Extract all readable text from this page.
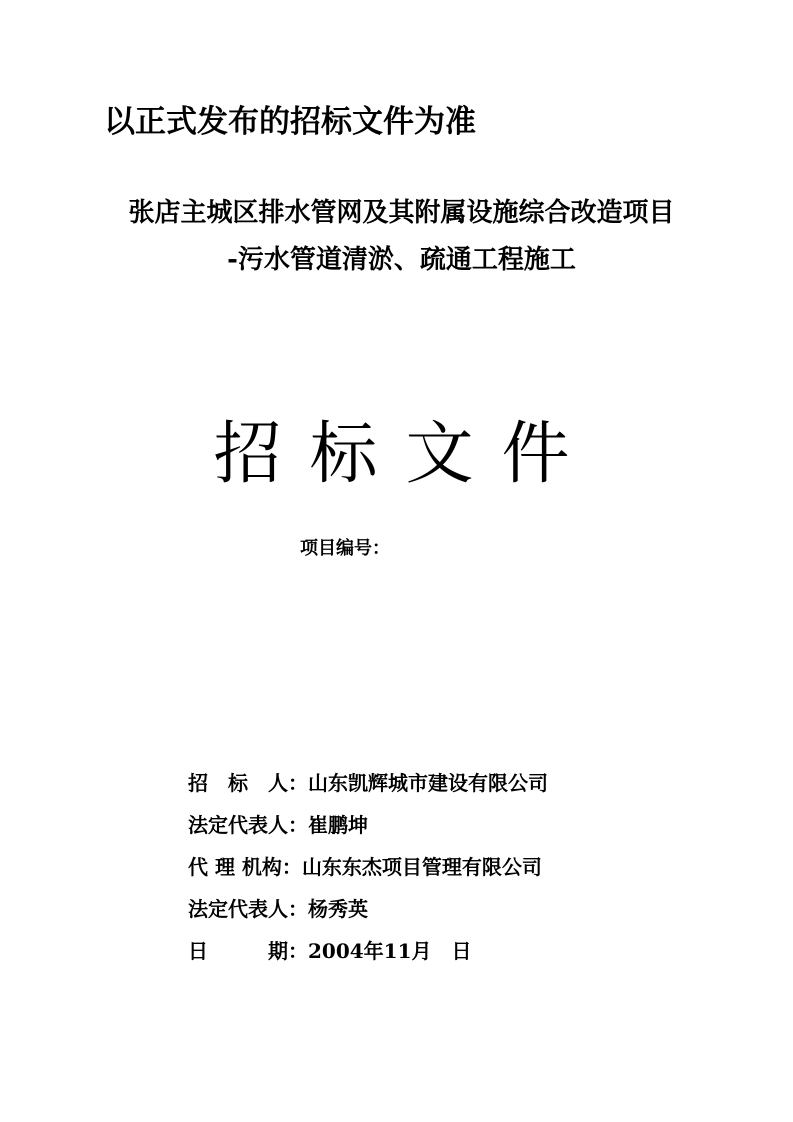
以正式发布的招标文件为准
张店主城区排水管网及其附属设施综合改造项目
-污水管道清淤、疏通工程施工
招标文件
项目编号：
招　标　人：山东凯辉城市建设有限公司
法定代表人：崔鹏坤
代 理 机构：山东东杰项目管理有限公司
法定代表人：杨秀英
日　　　期：2004年11月　日
